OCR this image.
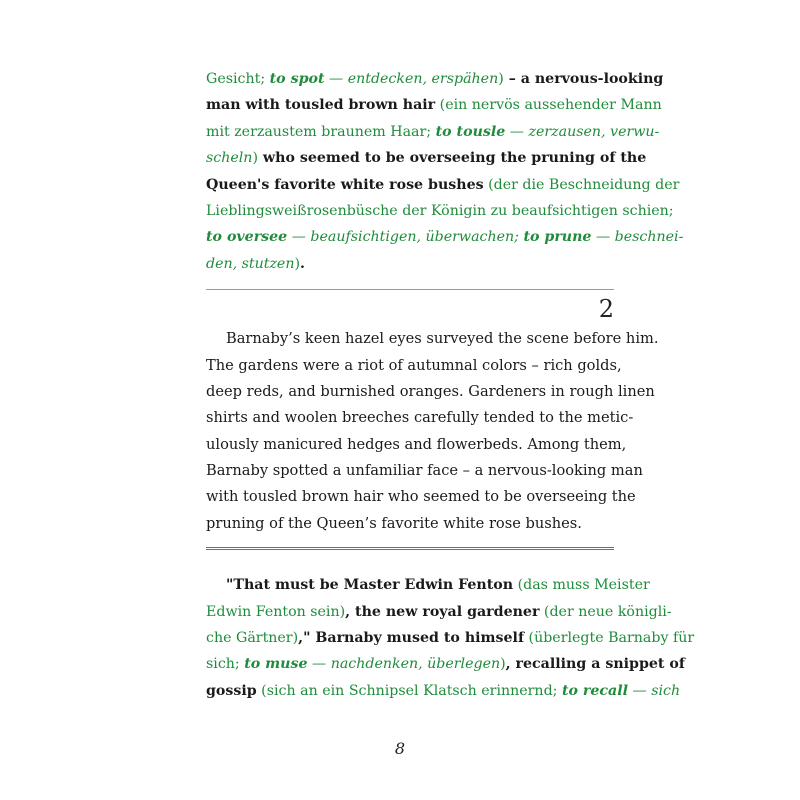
Gesicht; to spot — entdecken, erspähen) – a nervous-looking
man with tousled brown hair (ein nervös aussehender Mann
mit zerzaustem braunem Haar; to tousle — zerzausen, verwu-
scheln) who seemed to be overseeing the pruning of the
Queen's favorite white rose bushes (der die Beschneidung der
Lieblingsweißrosenbüsche der Königin zu beaufsichtigen schien;
to oversee — beaufsichtigen, überwachen; to prune — beschnei-
den, stutzen).
2
Barnaby’s keen hazel eyes surveyed the scene before him.
The gardens were a riot of autumnal colors – rich golds,
deep reds, and burnished oranges. Gardeners in rough linen
shirts and woolen breeches carefully tended to the metic-
ulously manicured hedges and flowerbeds. Among them,
Barnaby spotted a unfamiliar face – a nervous-looking man
with tousled brown hair who seemed to be overseeing the
pruning of the Queen’s favorite white rose bushes.
"That must be Master Edwin Fenton (das muss Meister
Edwin Fenton sein), the new royal gardener (der neue königli-
che Gärtner)," Barnaby mused to himself (überlegte Barnaby für
sich; to muse — nachdenken, überlegen), recalling a snippet of
gossip (sich an ein Schnipsel Klatsch erinnernd; to recall — sich
8
